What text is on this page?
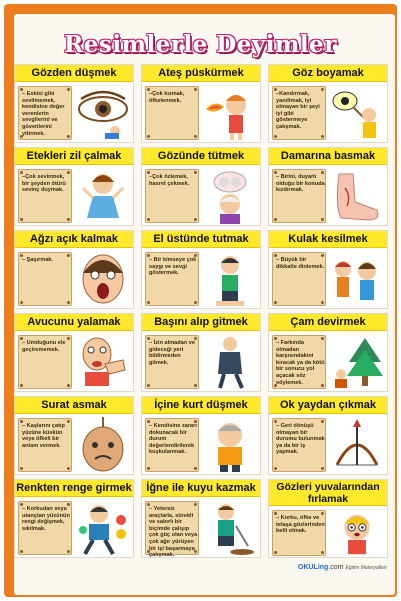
Resimlerle Deyimler
Gözden düşmek
– Eskisi gibi sevilmemek, kendisine değer verenlerin sevgilerini ve güvenlerini yitirmek.
Ateş püskürmek
–Çok kızmak, öfkelenmek.
Göz boyamak
–Kandırmak, yanıltmak, iyi olmayan bir şeyi iyi gibi göstermeye çalışmak.
Etekleri zil çalmak
–Çok sevinmek, bir şeyden ötürü sevinç duymak.
Gözünde tütmek
–Çok özlemek, hasret çekmek.
Damarına basmak
– Birini, duyarlı olduğu bir konuda kızdırmak.
Ağzı açık kalmak
– Şaşırmak.
El üstünde tutmak
– Bir kimseye çok saygı ve sevgi göstermek.
Kulak kesilmek
– Büyük bir dikkatle dinlemek.
Avucunu yalamak
– Umduğunu ele geçirememek.
Başını alıp gitmek
– İzin almadan ve gideceği yeri bildirmeden gitmek.
Çam devirmek
– Farkında olmadan karşısındakini kıracak ya da kötü bir sonucu yol açacak söz söylemek.
Surat asmak
– Kaşlarını çatıp yüzüne küskün veya öfkeli bir anlam vermek.
İçine kurt düşmek
– Kendisine zararı dokunacak bir durum değerlendirilerek kuşkulanmak.
Ok yaydan çıkmak
– Geri dönüşü olmayan bir durumu bulunmak ya da bir iş yapmak.
Renkten renge girmek
– Korkudan veya utançtan yüzünün rengi değişmek, sıkılmak.
İğne ile kuyu kazmak
– Yetersiz araçlarla, sürekli ve sabırlı bir biçimde çalışıp çok güç olan veya çok ağır yürüyen bir işi başarmaya çalışmak.
Gözleri yuvalarından fırlamak
– Korku, öfke ve telaşa gözlerinden belli olmak.
OKULing.com Eğitim Materyalleri
